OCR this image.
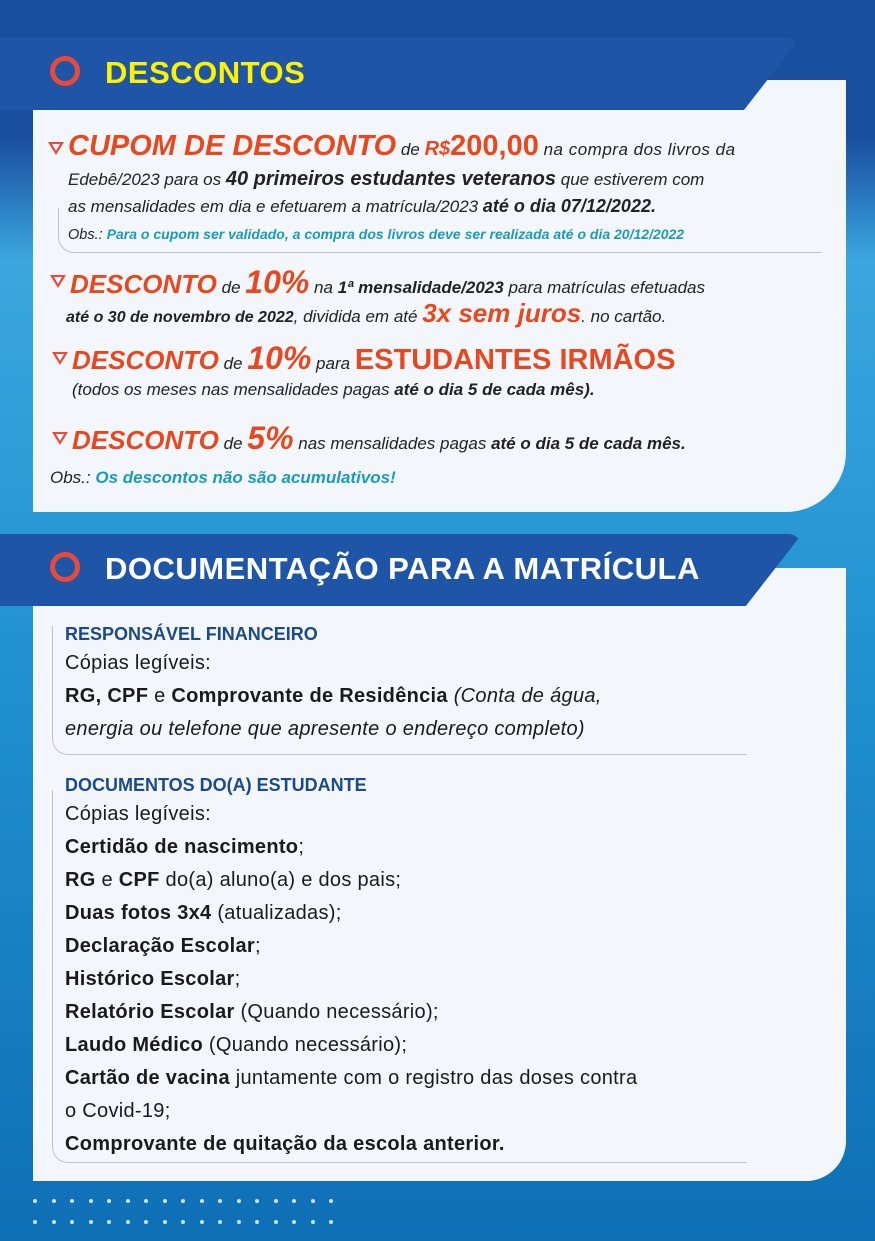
DESCONTOS
CUPOM DE DESCONTO de R$200,00 na compra dos livros da
Edebê/2023 para os 40 primeiros estudantes veteranos que estiverem com
as mensalidades em dia e efetuarem a matrícula/2023 até o dia 07/12/2022.
Obs.: Para o cupom ser validado, a compra dos livros deve ser realizada até o dia 20/12/2022
DESCONTO de 10% na 1ª mensalidade/2023 para matrículas efetuadas
até o 30 de novembro de 2022, dividida em até 3x sem juros. no cartão.
DESCONTO de 10% para ESTUDANTES IRMÃOS
(todos os meses nas mensalidades pagas até o dia 5 de cada mês).
DESCONTO de 5% nas mensalidades pagas até o dia 5 de cada mês.
Obs.: Os descontos não são acumulativos!
DOCUMENTAÇÃO PARA A MATRÍCULA
RESPONSÁVEL FINANCEIRO
Cópias legíveis:
RG, CPF e Comprovante de Residência (Conta de água,
energia ou telefone que apresente o endereço completo)
DOCUMENTOS DO(A) ESTUDANTE
Cópias legíveis:
Certidão de nascimento;
RG e CPF do(a) aluno(a) e dos pais;
Duas fotos 3x4 (atualizadas);
Declaração Escolar;
Histórico Escolar;
Relatório Escolar (Quando necessário);
Laudo Médico (Quando necessário);
Cartão de vacina juntamente com o registro das doses contra
o Covid-19;
Comprovante de quitação da escola anterior.
